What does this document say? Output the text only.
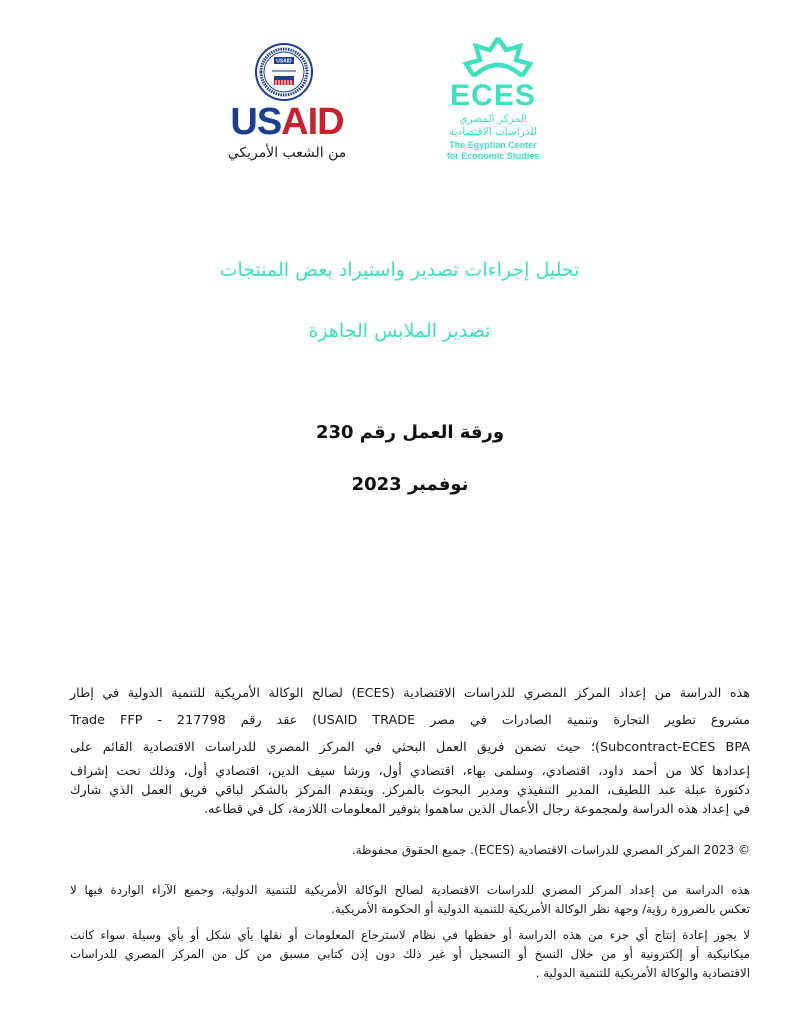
USAID
USAID
من الشعب الأمريكي
ECES
المركز المصري
للدراسات الاقتصادية
The Egyptian Center
for Economic Studies
تحليل إجراءات تصدير واستيراد بعض المنتجات
تصدير الملابس الجاهزة
ورقة العمل رقم 230
نوفمبر 2023
هذه الدراسة من إعداد المركز المصري للدراسات الاقتصادية (ECES) لصالح الوكالة الأمريكية للتنمية الدولية في إطار
مشروع تطوير التجارة وتنمية الصادرات في مصر USAID TRADE) عقد رقم 217798 - Trade FFP
Subcontract-ECES BPA)؛ حيث تضمن فريق العمل البحثي في المركز المصري للدراسات الاقتصادية القائم على
إعدادها كلا من أحمد داود، اقتصادي، وسلمى بهاء، اقتصادي أول، ورشا سيف الدين، اقتصادي أول، وذلك تحت إشراف
دكتورة عبلة عبد اللطيف، المدير التنفيذي ومدير البحوث بالمركز. ويتقدم المركز بالشكر لباقي فريق العمل الذي شارك
في إعداد هذه الدراسة ولمجموعة رجال الأعمال الذين ساهموا بتوفير المعلومات اللازمة، كل في قطاعه.
© 2023 المركز المصري للدراسات الاقتصادية (ECES). جميع الحقوق محفوظة.
هذه الدراسة من إعداد المركز المصري للدراسات الاقتصادية لصالح الوكالة الأمريكية للتنمية الدولية، وجميع الآراء الواردة فيها لا
تعكس بالضرورة رؤية/ وجهة نظر الوكالة الأمريكية للتنمية الدولية أو الحكومة الأمريكية.
لا يجوز إعادة إنتاج أي جزء من هذه الدراسة أو حفظها في نظام لاسترجاع المعلومات أو نقلها بأي شكل أو بأي وسيلة سواء كانت
ميكانيكية أو إلكترونية أو من خلال النسخ أو التسجيل أو غير ذلك دون إذن كتابي مسبق من كل من المركز المصري للدراسات
الاقتصادية والوكالة الأمريكية للتنمية الدولية .
